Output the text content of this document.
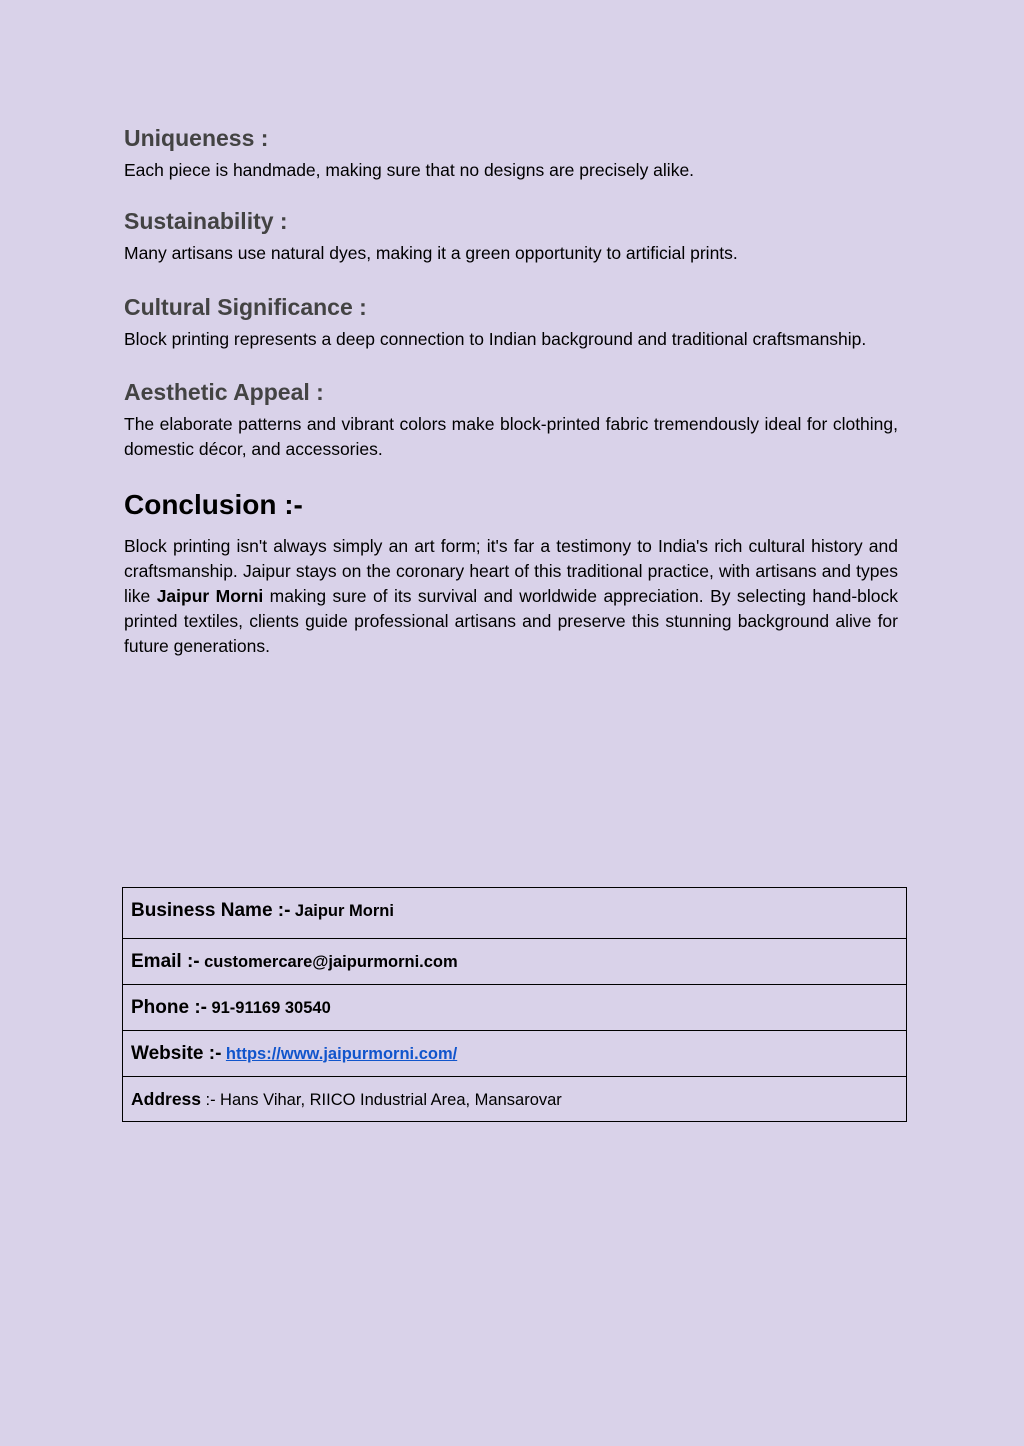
Uniqueness :

Each piece is handmade, making sure that no designs are precisely alike.

Sustainability :

Many artisans use natural dyes, making it a green opportunity to artificial prints.

Cultural Significance :

Block printing represents a deep connection to Indian background and traditional craftsmanship.

Aesthetic Appeal :

The elaborate patterns and vibrant colors make block-printed fabric tremendously ideal for clothing, domestic décor, and accessories.

Conclusion :-

Block printing isn't always simply an art form; it's far a testimony to India's rich cultural history and craftsmanship. Jaipur stays on the coronary heart of this traditional practice, with artisans and types like Jaipur Morni making sure of its survival and worldwide appreciation. By selecting hand-block printed textiles, clients guide professional artisans and preserve this stunning background alive for future generations.

Business Name :- Jaipur Morni
Email :- customercare@jaipurmorni.com
Phone :- 91-91169 30540
Website :- https://www.jaipurmorni.com/
Address :- Hans Vihar, RIICO Industrial Area, Mansarovar
